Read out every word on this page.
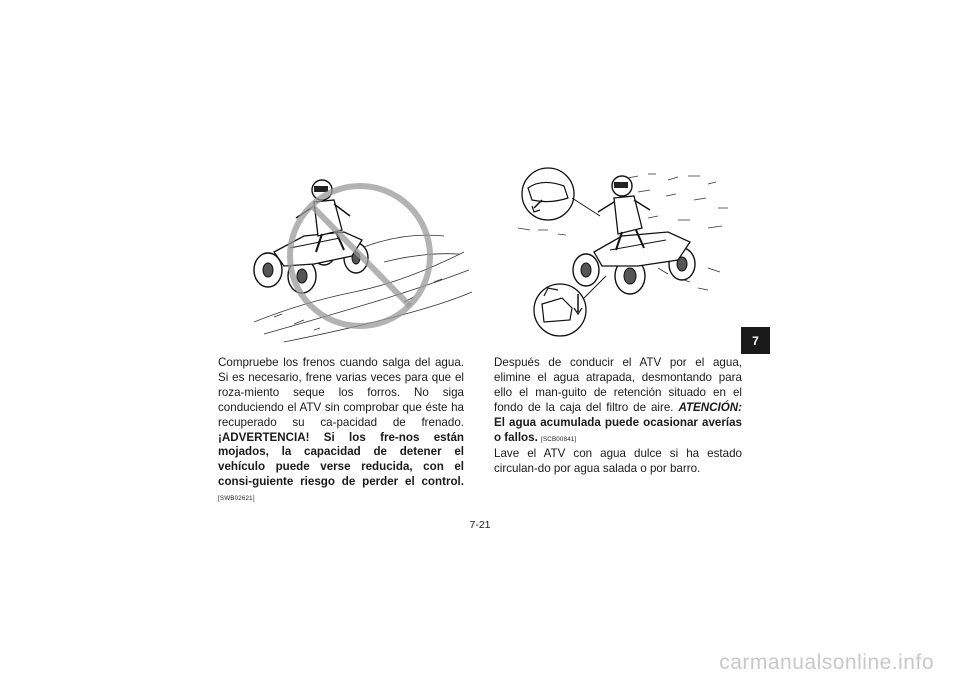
Compruebe los frenos cuando salga del agua. Si es necesario, frene varias veces para que el roza-miento seque los forros. No siga conduciendo el ATV sin comprobar que éste ha recuperado su ca-pacidad de frenado. ¡ADVERTENCIA! Si los fre-nos están mojados, la capacidad de detener el vehículo puede verse reducida, con el consi-guiente riesgo de perder el control. [SWB02621]

Después de conducir el ATV por el agua, elimine el agua atrapada, desmontando para ello el man-guito de retención situado en el fondo de la caja del filtro de aire. ATENCIÓN: El agua acumulada puede ocasionar averías o fallos. [SCB00841]

Lave el ATV con agua dulce si ha estado circulan-do por agua salada o por barro.

7
7-21
carmanualsonline.info
